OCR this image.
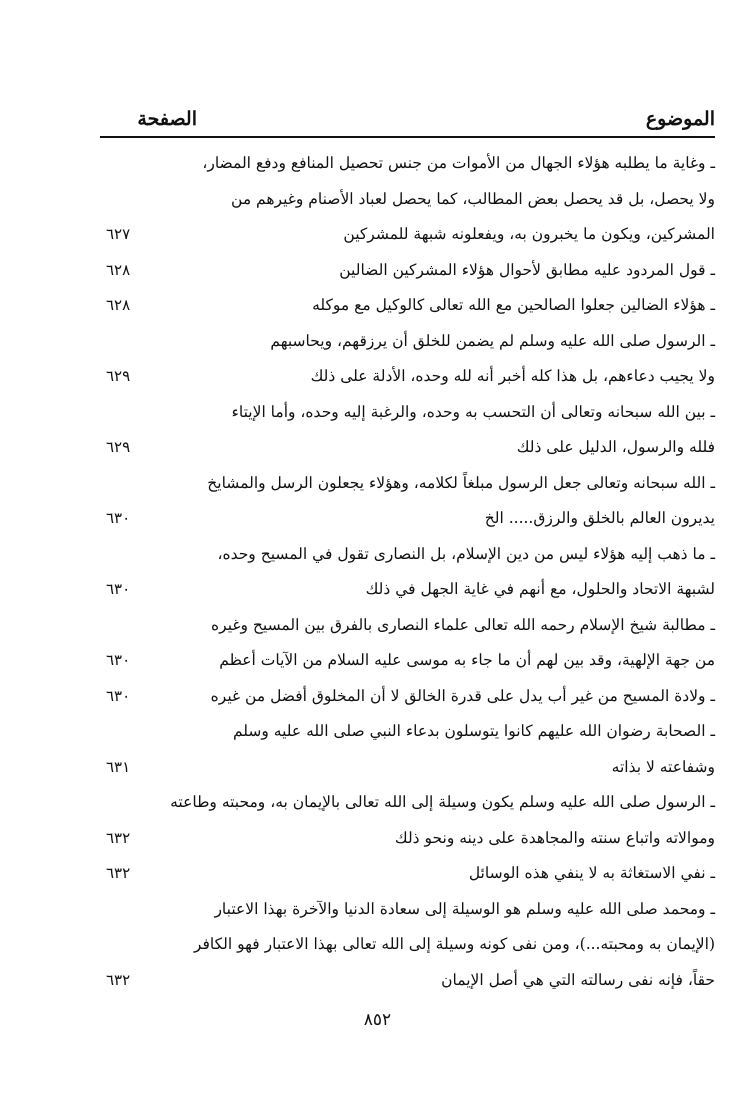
الموضوع
الصفحة
ـ وغاية ما يطلبه هؤلاء الجهال من الأموات من جنس تحصيل المنافع ودفع المضار،
ولا يحصل، بل قد يحصل بعض المطالب، كما يحصل لعباد الأصنام وغيرهم من
المشركين، ويكون ما يخبرون به، ويفعلونه شبهة للمشركين
٦٢٧
ـ قول المردود عليه مطابق لأحوال هؤلاء المشركين الضالين
٦٢٨
ـ هؤلاء الضالين جعلوا الصالحين مع الله تعالى كالوكيل مع موكله
٦٢٨
ـ الرسول صلى الله عليه وسلم لم يضمن للخلق أن يرزقهم، ويحاسبهم
ولا يجيب دعاءهم، بل هذا كله أخبر أنه لله وحده، الأدلة على ذلك
٦٢٩
ـ بين الله سبحانه وتعالى أن التحسب به وحده، والرغبة إليه وحده، وأما الإيتاء
فلله والرسول، الدليل على ذلك
٦٢٩
ـ الله سبحانه وتعالى جعل الرسول مبلغاً لكلامه، وهؤلاء يجعلون الرسل والمشايخ
يديرون العالم بالخلق والرزق..... الخ
٦٣٠
ـ ما ذهب إليه هؤلاء ليس من دين الإسلام، بل النصارى تقول في المسيح وحده،
لشبهة الاتحاد والحلول، مع أنهم في غاية الجهل في ذلك
٦٣٠
ـ مطالبة شيخ الإسلام رحمه الله تعالى علماء النصارى بالفرق بين المسيح وغيره
من جهة الإلهية، وقد بين لهم أن ما جاء به موسى عليه السلام من الآيات أعظم
٦٣٠
ـ ولادة المسيح من غير أب يدل على قدرة الخالق لا أن المخلوق أفضل من غيره
٦٣٠
ـ الصحابة رضوان الله عليهم كانوا يتوسلون بدعاء النبي صلى الله عليه وسلم
وشفاعته لا بذاته
٦٣١
ـ الرسول صلى الله عليه وسلم يكون وسيلة إلى الله تعالى بالإيمان به، ومحبته وطاعته
وموالاته واتباع سنته والمجاهدة على دينه ونحو ذلك
٦٣٢
ـ نفي الاستغاثة به لا ينفي هذه الوسائل
٦٣٢
ـ ومحمد صلى الله عليه وسلم هو الوسيلة إلى سعادة الدنيا والآخرة بهذا الاعتبار
(الإيمان به ومحبته...)، ومن نفى كونه وسيلة إلى الله تعالى بهذا الاعتبار فهو الكافر
حقاً، فإنه نفى رسالته التي هي أصل الإيمان
٦٣٢
٨٥٢
